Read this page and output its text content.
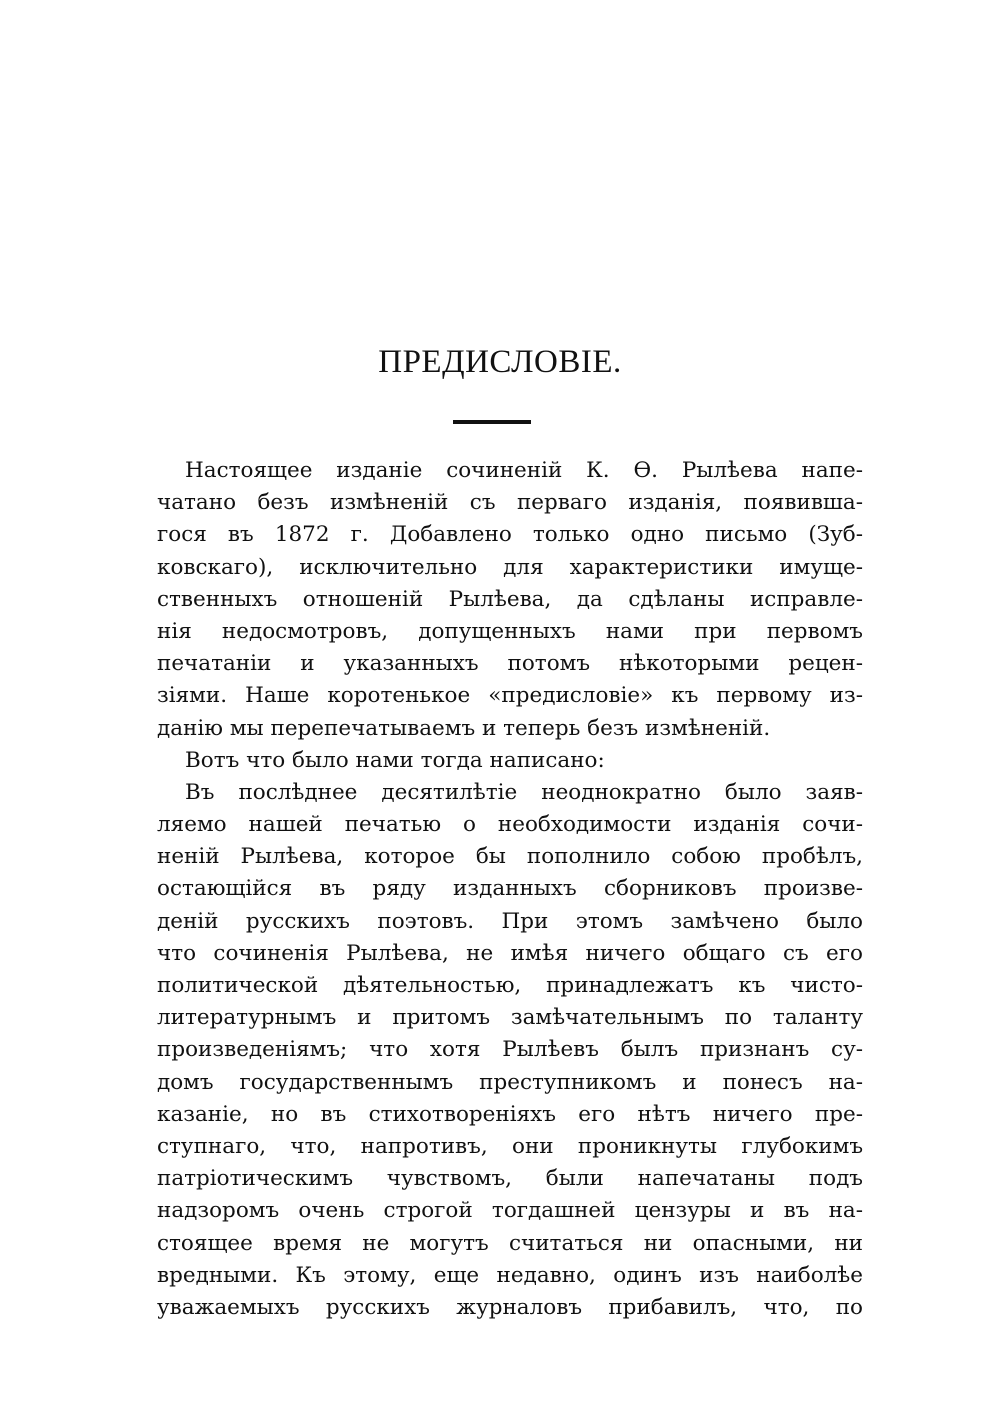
ПРЕДИСЛОВІЕ.
Настоящее изданіе сочиненій К. Ѳ. Рылѣева напе-
чатано безъ измѣненій съ перваго изданія, появивша-
гося въ 1872 г. Добавлено только одно письмо (Зуб-
ковскаго), исключительно для характеристики имуще-
ственныхъ отношеній Рылѣева, да сдѣланы исправле-
нія недосмотровъ, допущенныхъ нами при первомъ
печатаніи и указанныхъ потомъ нѣкоторыми рецен-
зіями. Наше коротенькое «предисловіе» къ первому из-
данію мы перепечатываемъ и теперь безъ измѣненій.
Вотъ что было нами тогда написано:
Въ послѣднее десятилѣтіе неоднократно было заяв-
ляемо нашей печатью о необходимости изданія сочи-
неній Рылѣева, которое бы пополнило собою пробѣлъ,
остающійся въ ряду изданныхъ сборниковъ произве-
деній русскихъ поэтовъ. При этомъ замѣчено было
что сочиненія Рылѣева, не имѣя ничего общаго съ его
политической дѣятельностью, принадлежатъ къ чисто-
литературнымъ и притомъ замѣчательнымъ по таланту
произведеніямъ; что хотя Рылѣевъ былъ признанъ су-
домъ государственнымъ преступникомъ и понесъ на-
казаніе, но въ стихотвореніяхъ его нѣтъ ничего пре-
ступнаго, что, напротивъ, они проникнуты глубокимъ
патріотическимъ чувствомъ, были напечатаны подъ
надзоромъ очень строгой тогдашней цензуры и въ на-
стоящее время не могутъ считаться ни опасными, ни
вредными. Къ этому, еще недавно, одинъ изъ наиболѣе
уважаемыхъ русскихъ журналовъ прибавилъ, что, по
